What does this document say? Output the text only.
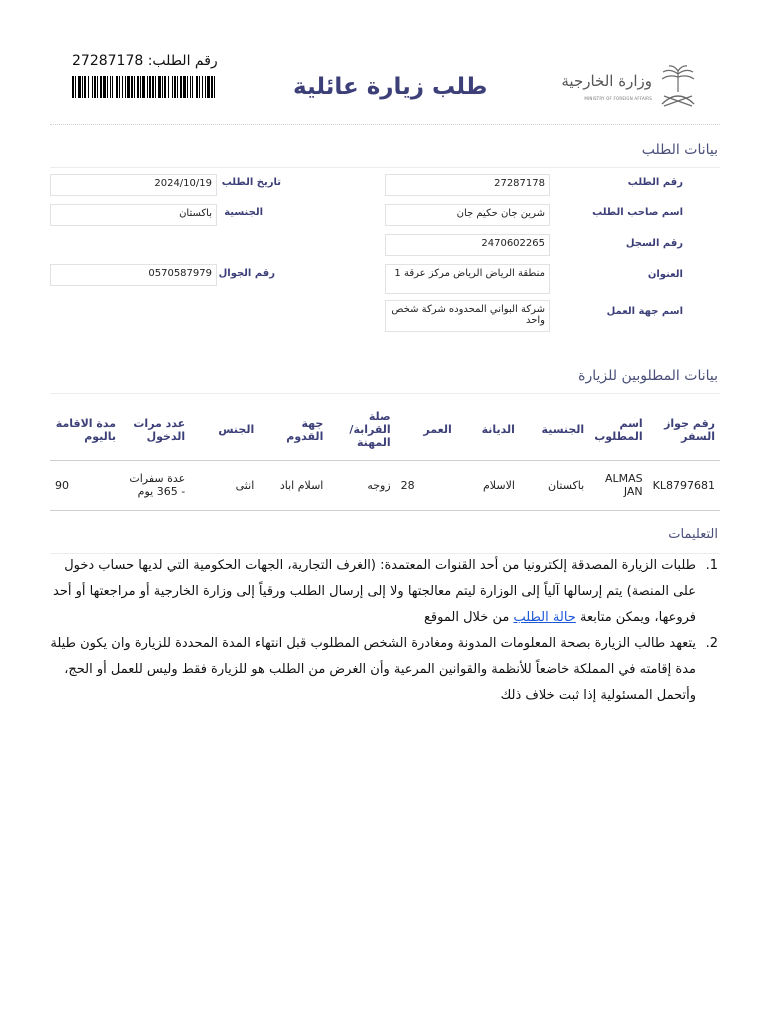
وزارة الخارجية
MINISTRY OF FOREIGN AFFAIRS
طلب زيارة عائلية
رقم الطلب: 27287178
بيانات الطلب
رقم الطلب
27287178
اسم صاحب الطلب
شرين جان حكيم جان
رقم السجل
2470602265
العنوان
منطقة الرياض الرياض مركز عرقة 1
اسم جهة العمل
شركة البواني المحدوده شركة شخص واحد
تاريخ الطلب
2024/10/19
الجنسية
باكستان
رقم الجوال
0570587979
بيانات المطلوبين للزيارة
رقم جواز السفر	اسم المطلوب	الجنسية	الديانة	العمر	صلة القرابة/ المهنة	جهة القدوم	الجنس	عدد مرات الدخول	مدة الاقامة باليوم
KL8797681	ALMAS JAN	باكستان	الاسلام	28	زوجه	اسلام اباد	انثى	عدة سفرات - 365 يوم	90
التعليمات
1.
طلبات الزيارة المصدقة إلكترونيا من أحد القنوات المعتمدة: (الغرف التجارية، الجهات الحكومية التي لديها حساب دخول على المنصة) يتم إرسالها آلياً إلى الوزارة ليتم معالجتها ولا إلى إرسال الطلب ورقياً إلى وزارة الخارجية أو مراجعتها أو أحد فروعها، ويمكن متابعة حالة الطلب من خلال الموقع
2.
يتعهد طالب الزيارة بصحة المعلومات المدونة ومغادرة الشخص المطلوب قبل انتهاء المدة المحددة للزيارة وان يكون طيلة مدة إقامته في المملكة خاضعاً للأنظمة والقوانين المرعية وأن الغرض من الطلب هو للزيارة فقط وليس للعمل أو الحج، وأتحمل المسئولية إذا ثبت خلاف ذلك
